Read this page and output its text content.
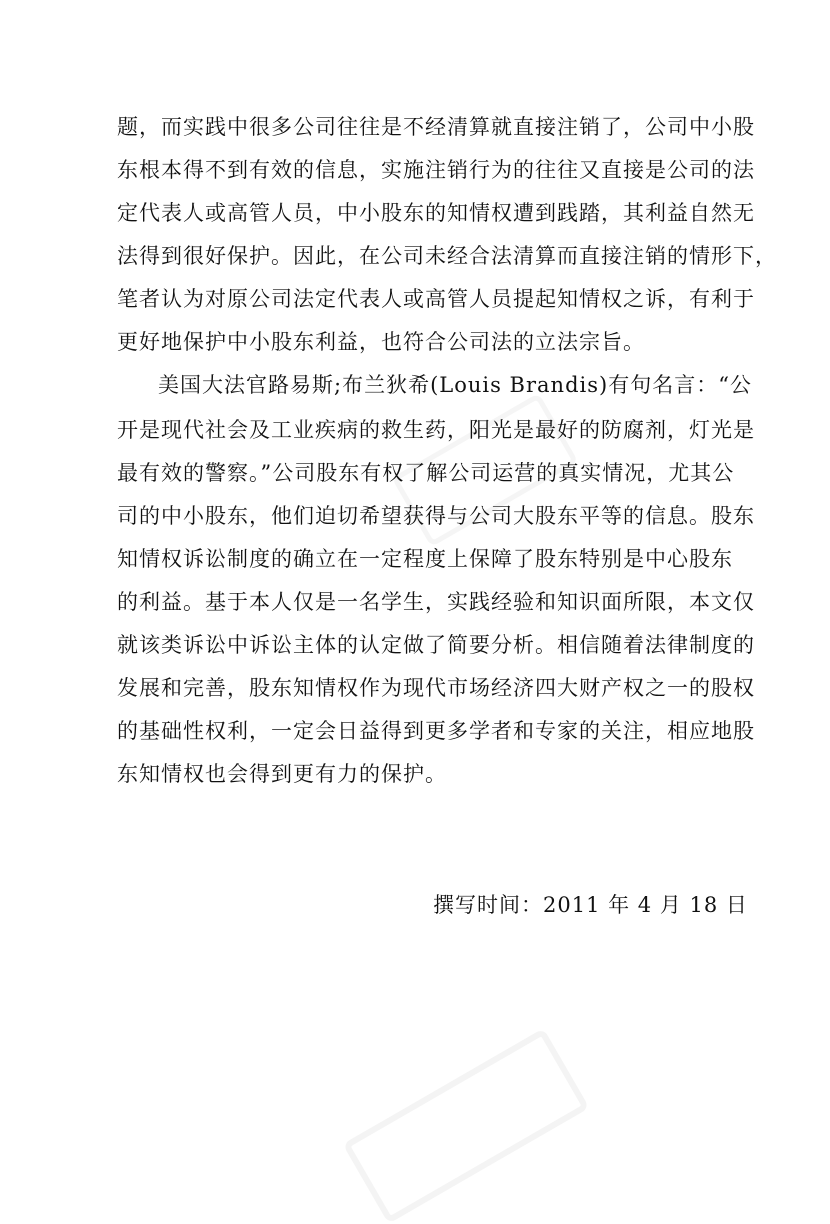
题，而实践中很多公司往往是不经清算就直接注销了，公司中小股
东根本得不到有效的信息，实施注销行为的往往又直接是公司的法
定代表人或高管人员，中小股东的知情权遭到践踏，其利益自然无
法得到很好保护。因此，在公司未经合法清算而直接注销的情形下，
笔者认为对原公司法定代表人或高管人员提起知情权之诉，有利于
更好地保护中小股东利益，也符合公司法的立法宗旨。
美国大法官路易斯;布兰狄希(Louis Brandis)有句名言：“公
开是现代社会及工业疾病的救生药，阳光是最好的防腐剂，灯光是
最有效的警察。”公司股东有权了解公司运营的真实情况，尤其公
司的中小股东，他们迫切希望获得与公司大股东平等的信息。股东
知情权诉讼制度的确立在一定程度上保障了股东特别是中心股东
的利益。基于本人仅是一名学生，实践经验和知识面所限，本文仅
就该类诉讼中诉讼主体的认定做了简要分析。相信随着法律制度的
发展和完善，股东知情权作为现代市场经济四大财产权之一的股权
的基础性权利，一定会日益得到更多学者和专家的关注，相应地股
东知情权也会得到更有力的保护。
撰写时间：2011 年 4 月 18 日
